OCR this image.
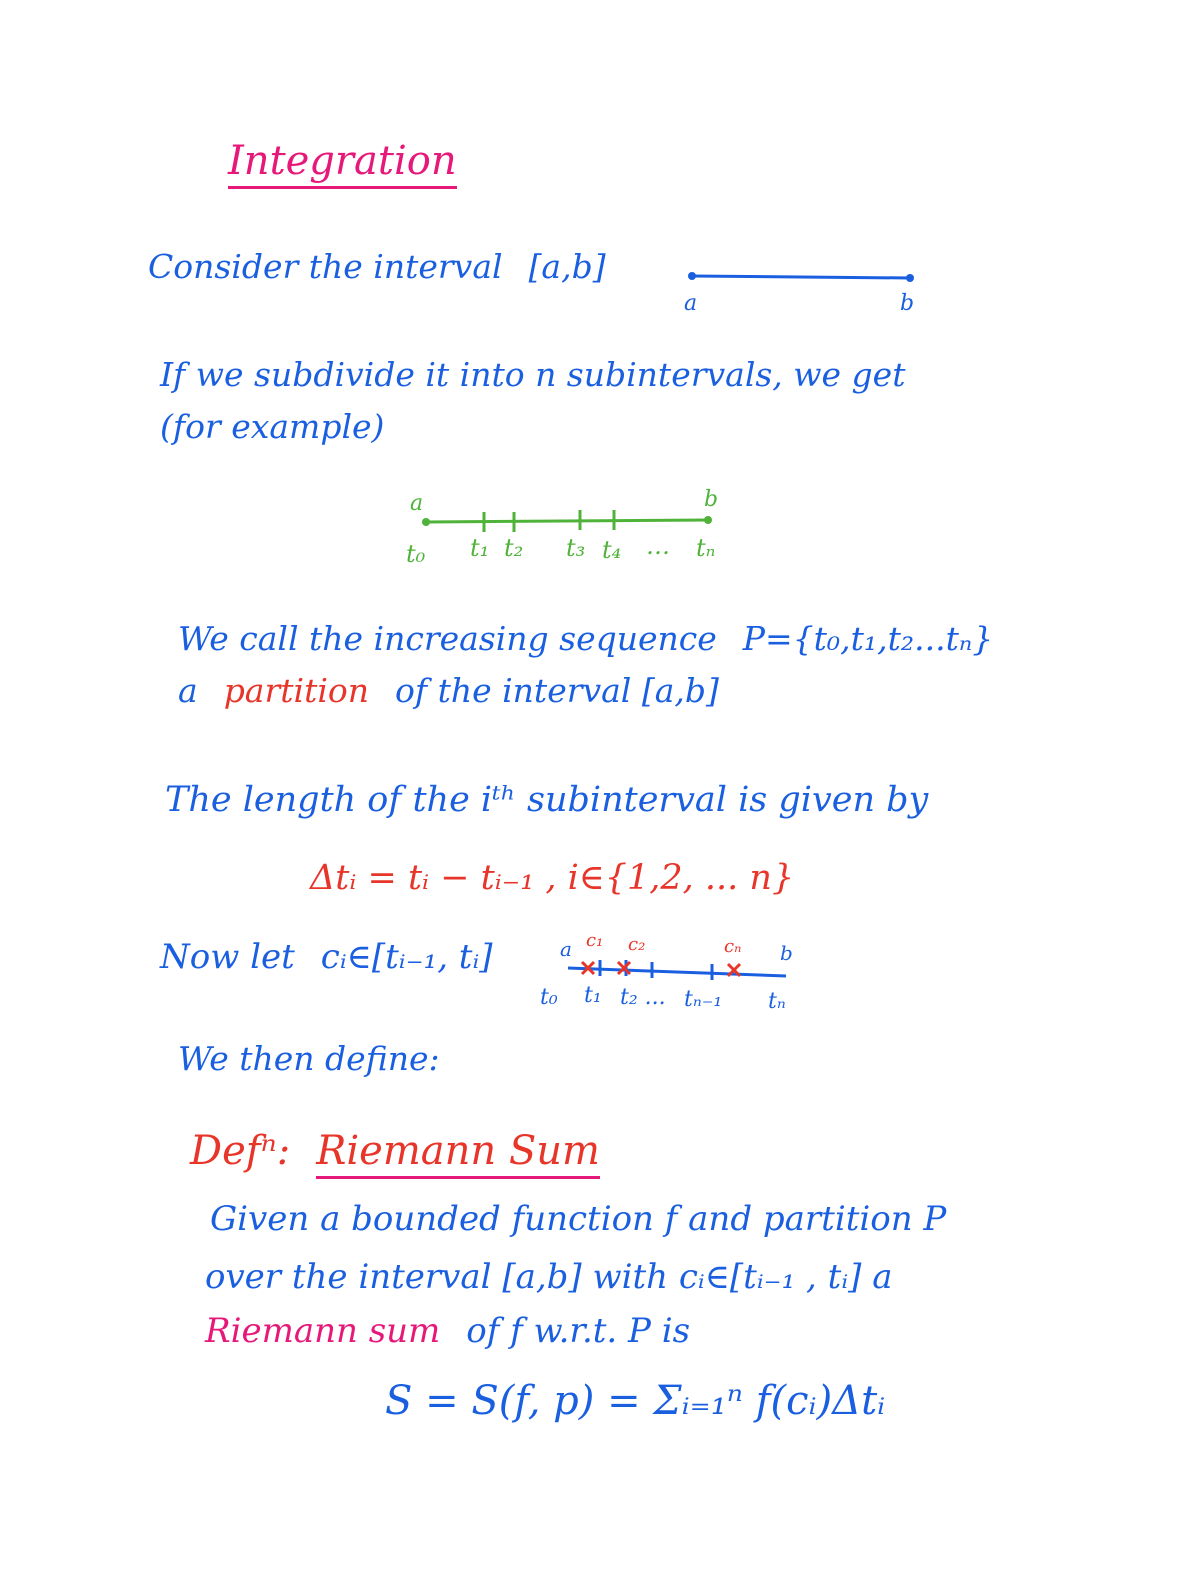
Integration
Consider the interval [a,b]
a	b
If we subdivide it into n subintervals, we get
(for example)
a	b
t₀ t₁ t₂ t₃ t₄ … tₙ
We call the increasing sequence P={t₀,t₁,t₂...tₙ}
a partition of the interval [a,b]
The length of the iᵗʰ subinterval is given by
Δtᵢ = tᵢ − tᵢ₋₁ , i∈{1,2, ... n}
Now let cᵢ∈[tᵢ₋₁, tᵢ]	a c₁ c₂	cₙ b
t₀ t₁ t₂ ... tₙ₋₁ tₙ
We then define:
Defⁿ: Riemann Sum
Given a bounded function f and partition P
over the interval [a,b] with cᵢ∈[tᵢ₋₁ , tᵢ] a
Riemann sum of f w.r.t. P is
S = S(f, p) = Σᵢ₌₁ⁿ f(cᵢ)Δtᵢ
